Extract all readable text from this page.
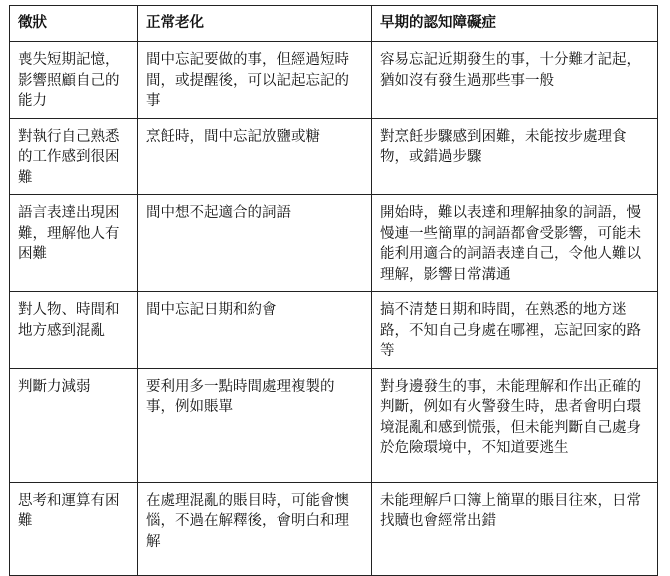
徵狀	正常老化	早期的認知障礙症
喪失短期記憶，影響照顧自己的能力	間中忘記要做的事，但經過短時間，或提醒後，可以記起忘記的事	容易忘記近期發生的事，十分難才記起，猶如沒有發生過那些事一般
對執行自己熟悉的工作感到很困難	烹飪時，間中忘記放鹽或糖	對烹飪步驟感到困難，未能按步處理食物，或錯過步驟
語言表達出現困難，理解他人有困難	間中想不起適合的詞語	開始時，難以表達和理解抽象的詞語，慢慢連一些簡單的詞語都會受影響，可能未能利用適合的詞語表達自己，令他人難以理解，影響日常溝通
對人物、時間和地方感到混亂	間中忘記日期和約會	搞不清楚日期和時間，在熟悉的地方迷路，不知自己身處在哪裡，忘記回家的路等
判斷力減弱	要利用多一點時間處理複製的事，例如賬單	對身邊發生的事，未能理解和作出正確的判斷，例如有火警發生時，患者會明白環境混亂和感到慌張，但未能判斷自己處身於危險環境中，不知道要逃生
思考和運算有困難	在處理混亂的賬目時，可能會懊惱，不過在解釋後，會明白和理解	未能理解戶口簿上簡單的賬目往來，日常找贖也會經常出錯
